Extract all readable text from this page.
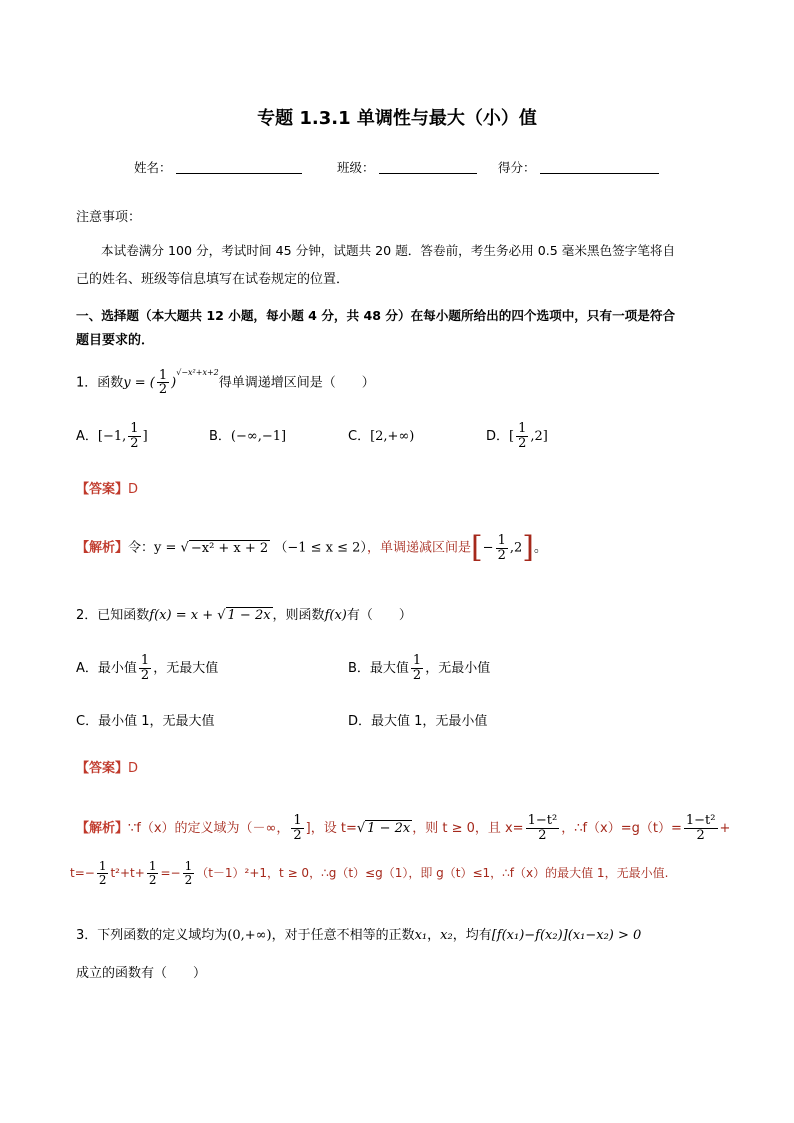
专题 1.3.1 单调性与最大（小）值
姓名：	班级：	得分：
注意事项：
本试卷满分 100 分，考试时间 45 分钟，试题共 20 题．答卷前，考生务必用 0.5 毫米黑色签字笔将自
己的姓名、班级等信息填写在试卷规定的位置．
一、选择题（本大题共 12 小题，每小题 4 分，共 48 分）在每小题所给出的四个选项中，只有一项是符合
题目要求的．
1．函数y = ( $\frac{1}{2} )^{√-x^2+x+2}$得单调递增区间是（　　）
A．[−1, $\frac{1}{2}$ ]	B．(−∞,−1]	C．[2,+∞)	D．[ $\frac{1}{2} ,2$]
【答案】D
【解析】令：y = √ −x² + x + 2 （−1 ≤ x ≤ 2），单调递减区间是[− $\frac{1}{2} ,2$]。
2．已知函数f(x) = x + √ 1 − 2x ，则函数f(x)有（　　）
A．最小值 $\frac{1}{2}$ ，无最大值	B．最大值 $\frac{1}{2}$ ，无最小值
C．最小值 1，无最大值	D．最大值 1，无最小值
【答案】D
【解析】∵f（x）的定义域为（－∞， $\frac{1}{2}$ ]，设 t=√ 1 − 2x ，则 t ≥ 0，且 $x= \frac{\text{1−t²}}{2}$ ，∴f（x）=g（t）= $\frac{\text{1−t²}}{2}$ +
$t=- \frac{1}{2} t^2+t+ \frac{1}{2} =- \frac{1}{2} (t-1)^2+1$，t ≥ 0，∴g（t）≤g（1），即 g（t）≤1，∴f（x）的最大值 1，无最小值.
3．下列函数的定义域均为(0,+∞)，对于任意不相等的正数x₁，x₂，均有[f(x₁)−f(x₂)](x₁−x₂) > 0
成立的函数有（　　）
